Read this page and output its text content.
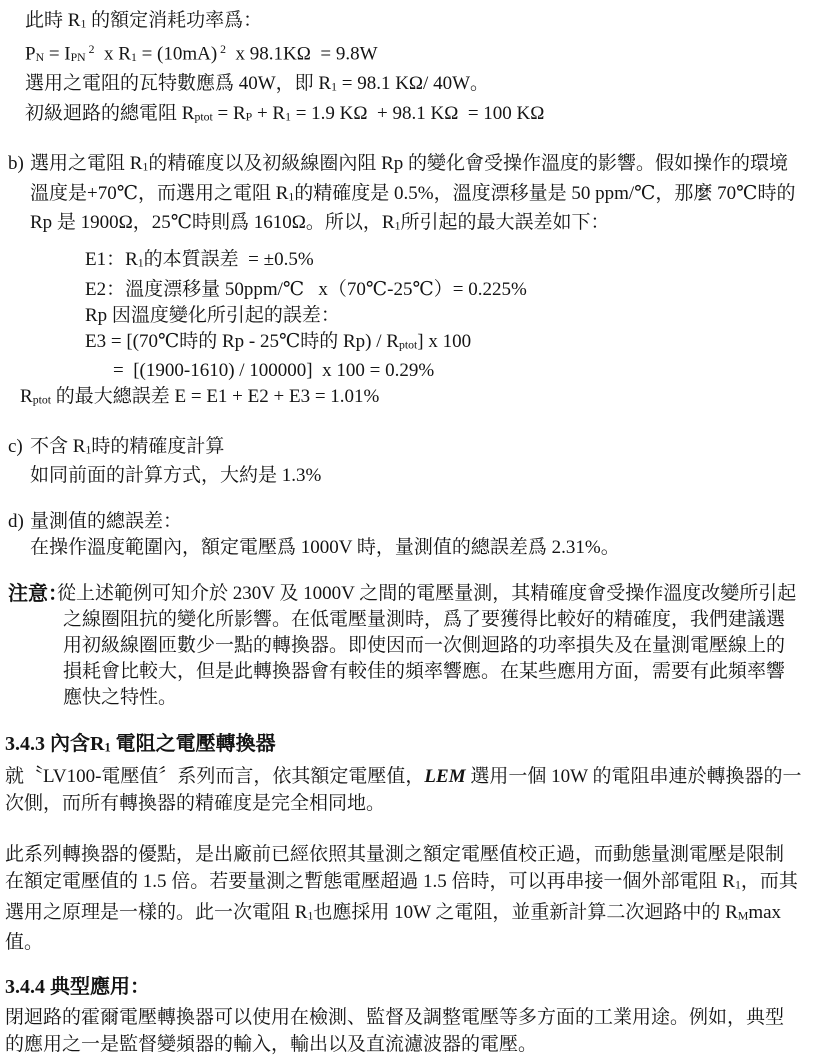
此時 R1 的額定消耗功率爲：
PN = IPN $^2$  x R1 = (10mA) $^2$  x 98.1KΩ  = 9.8W
選用之電阻的瓦特數應爲 40W，即 R1 = 98.1 KΩ/ 40W。
初級迴路的總電阻 Rptot = RP + R1 = 1.9 KΩ  + 98.1 KΩ  = 100 KΩ
b) 選用之電阻 R1的精確度以及初級線圈內阻 Rp 的變化會受操作溫度的影響。假如操作的環境
溫度是+70℃，而選用之電阻 R1的精確度是 0.5%，溫度漂移量是 50 ppm/℃，那麼 70℃時的
Rp 是 1900Ω，25℃時則爲 1610Ω。所以，R1所引起的最大誤差如下：
E1：R1的本質誤差  = ±0.5%
E2：溫度漂移量 50ppm/℃   x（70℃-25℃）= 0.225%
Rp 因溫度變化所引起的誤差：
E3 = [(70℃時的 Rp - 25℃時的 Rp) / Rptot] x 100
=  [(1900-1610) / 100000]  x 100 = 0.29%
Rptot 的最大總誤差 E = E1 + E2 + E3 = 1.01%
c) 不含 R1時的精確度計算
如同前面的計算方式，大約是 1.3%
d) 量測值的總誤差：
在操作溫度範圍內，額定電壓爲 1000V 時，量測值的總誤差爲 2.31%。
注意：
從上述範例可知介於 230V 及 1000V 之間的電壓量測，其精確度會受操作溫度改變所引起
之線圈阻抗的變化所影響。在低電壓量測時，爲了要獲得比較好的精確度，我們建議選
用初級線圈匝數少一點的轉換器。即使因而一次側迴路的功率損失及在量測電壓線上的
損耗會比較大，但是此轉換器會有較佳的頻率響應。在某些應用方面，需要有此頻率響
應快之特性。
3.4.3 內含R1 電阻之電壓轉換器
就〝LV100-電壓值〞系列而言，依其額定電壓值，LEM 選用一個 10W 的電阻串連於轉換器的一
次側，而所有轉換器的精確度是完全相同地。
此系列轉換器的優點，是出廠前已經依照其量測之額定電壓值校正過，而動態量測電壓是限制
在額定電壓值的 1.5 倍。若要量測之暫態電壓超過 1.5 倍時，可以再串接一個外部電阻 R1，而其
選用之原理是一樣的。此一次電阻 R1也應採用 10W 之電阻，並重新計算二次迴路中的 RMmax
值。
3.4.4 典型應用：
閉迴路的霍爾電壓轉換器可以使用在檢測、監督及調整電壓等多方面的工業用途。例如，典型
的應用之一是監督變頻器的輸入，輸出以及直流濾波器的電壓。
